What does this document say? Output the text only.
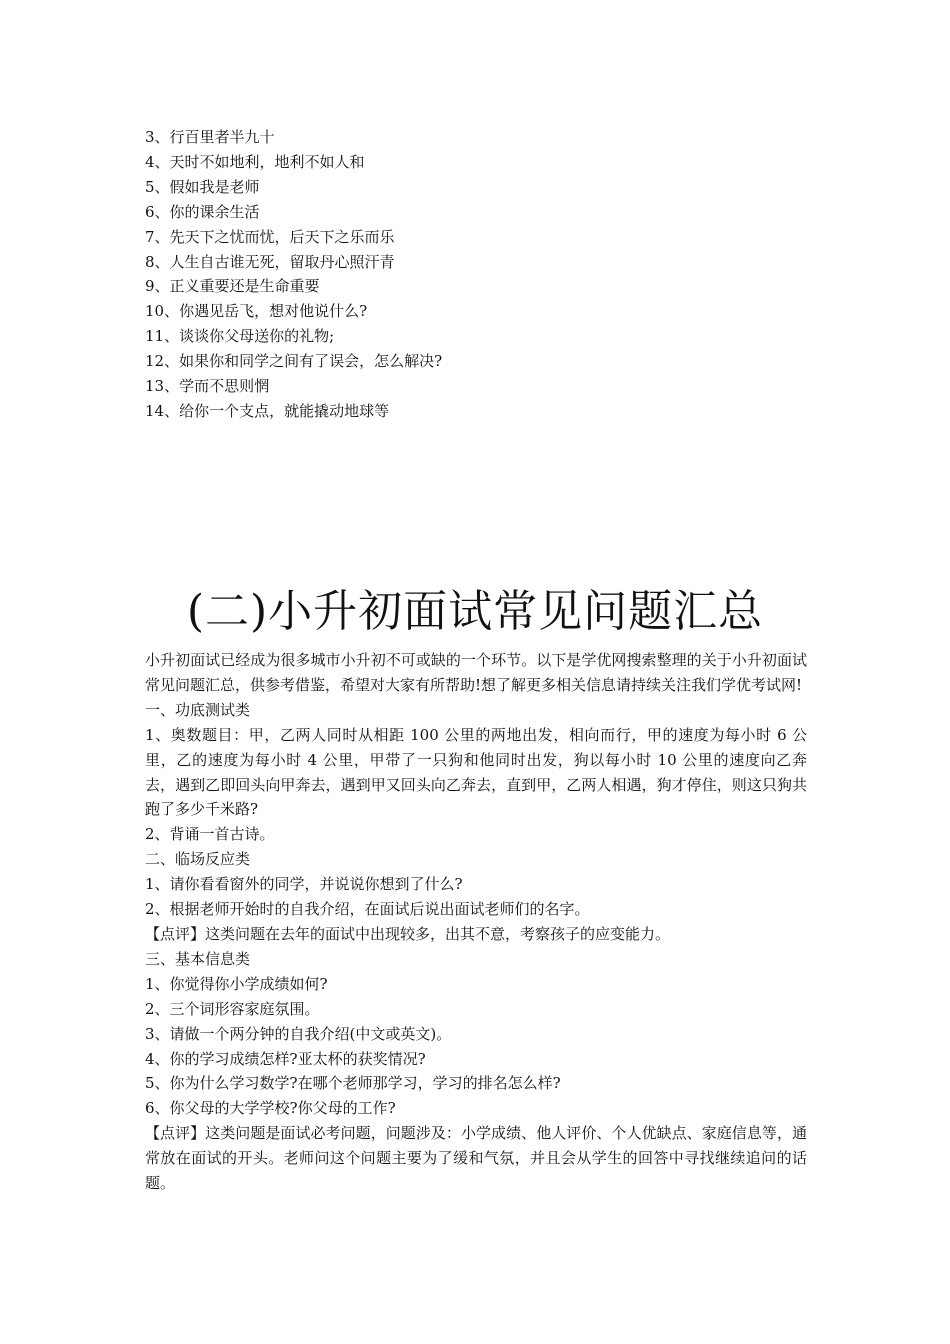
3、行百里者半九十
4、天时不如地利，地利不如人和
5、假如我是老师
6、你的课余生活
7、先天下之忧而忧，后天下之乐而乐
8、人生自古谁无死，留取丹心照汗青
9、正义重要还是生命重要
10、你遇见岳飞，想对他说什么?
11、谈谈你父母送你的礼物;
12、如果你和同学之间有了误会，怎么解决?
13、学而不思则惘
14、给你一个支点，就能撬动地球等
(二)小升初面试常见问题汇总

小升初面试已经成为很多城市小升初不可或缺的一个环节。以下是学优网搜索整理的关于小升初面试常见问题汇总，供参考借鉴，希望对大家有所帮助!想了解更多相关信息请持续关注我们学优考试网!

一、功底测试类

1、奥数题目：甲，乙两人同时从相距 100 公里的两地出发，相向而行，甲的速度为每小时 6 公里，乙的速度为每小时 4 公里，甲带了一只狗和他同时出发，狗以每小时 10 公里的速度向乙奔去，遇到乙即回头向甲奔去，遇到甲又回头向乙奔去，直到甲，乙两人相遇，狗才停住，则这只狗共跑了多少千米路?

2、背诵一首古诗。

二、临场反应类

1、请你看看窗外的同学，并说说你想到了什么?

2、根据老师开始时的自我介绍，在面试后说出面试老师们的名字。

【点评】这类问题在去年的面试中出现较多，出其不意，考察孩子的应变能力。

三、基本信息类

1、你觉得你小学成绩如何?

2、三个词形容家庭氛围。

3、请做一个两分钟的自我介绍(中文或英文)。

4、你的学习成绩怎样?亚太杯的获奖情况?

5、你为什么学习数学?在哪个老师那学习，学习的排名怎么样?

6、你父母的大学学校?你父母的工作?

【点评】这类问题是面试必考问题，问题涉及：小学成绩、他人评价、个人优缺点、家庭信息等，通常放在面试的开头。老师问这个问题主要为了缓和气氛，并且会从学生的回答中寻找继续追问的话题。
